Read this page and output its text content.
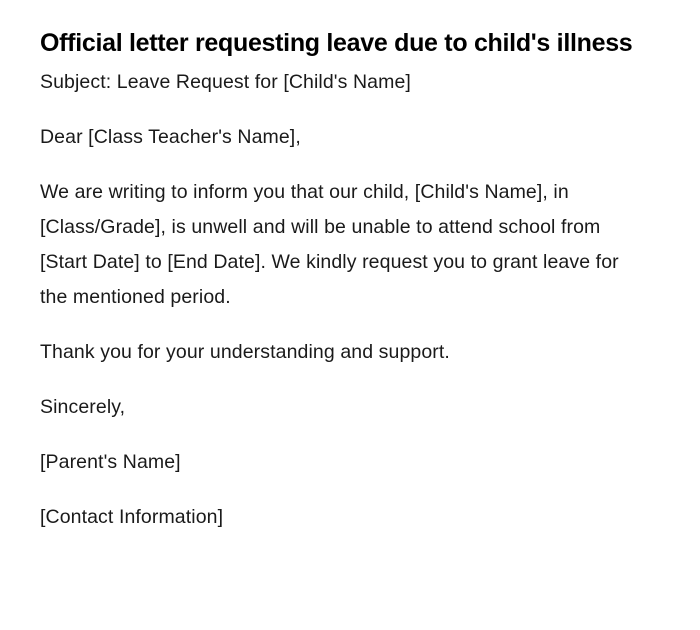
Official letter requesting leave due to child's illness

Subject: Leave Request for [Child's Name]

Dear [Class Teacher's Name],

We are writing to inform you that our child, [Child's Name], in [Class/Grade], is unwell and will be unable to attend school from [Start Date] to [End Date]. We kindly request you to grant leave for the mentioned period.

Thank you for your understanding and support.

Sincerely,

[Parent's Name]

[Contact Information]
